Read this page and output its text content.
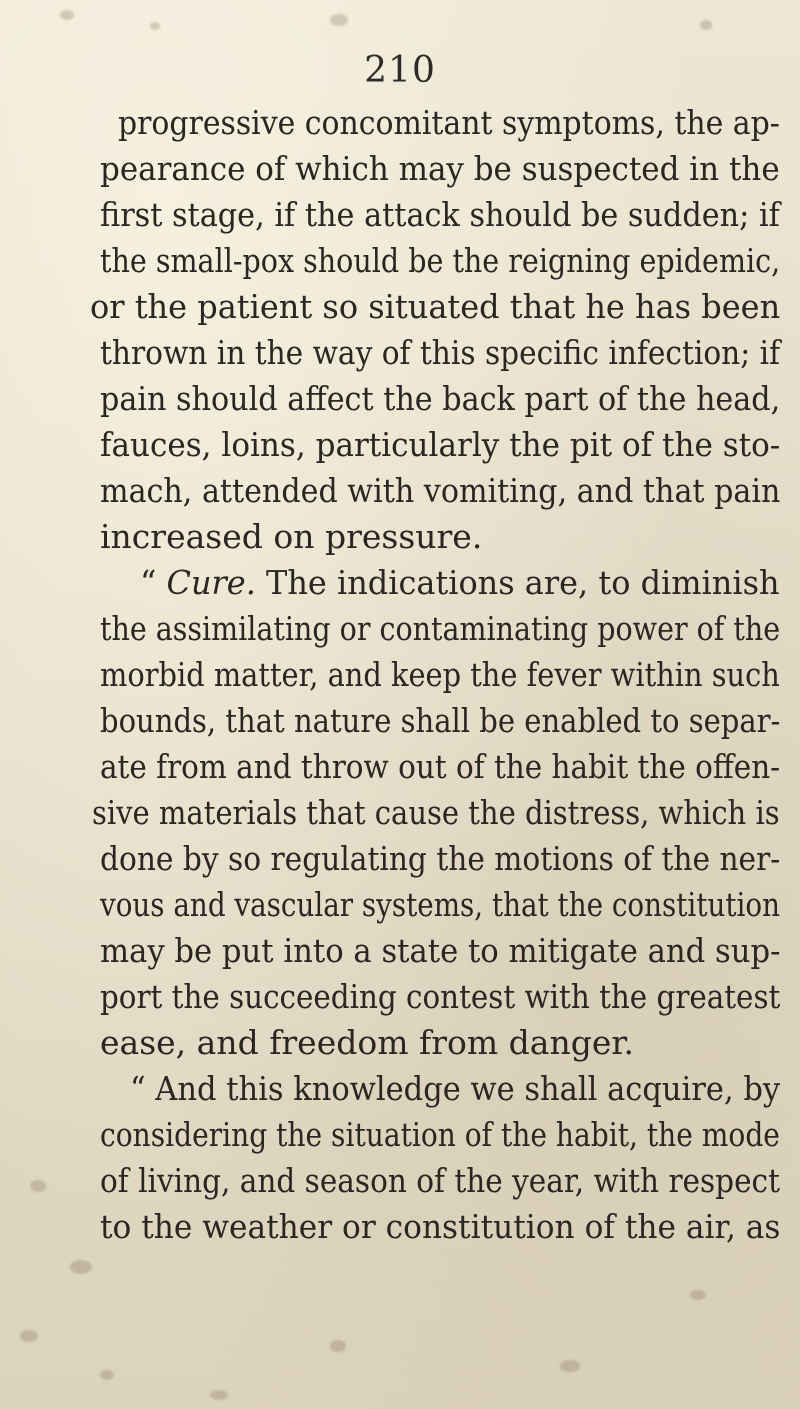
210
progressive concomitant symptoms, the ap-
pearance of which may be suspected in the
first stage, if the attack should be sudden; if
the small-pox should be the reigning epidemic,
or the patient so situated that he has been
thrown in the way of this specific infection; if
pain should affect the back part of the head,
fauces, loins, particularly the pit of the sto-
mach, attended with vomiting, and that pain
increased on pressure.
“ Cure. The indications are, to diminish
the assimilating or contaminating power of the
morbid matter, and keep the fever within such
bounds, that nature shall be enabled to separ-
ate from and throw out of the habit the offen-
sive materials that cause the distress, which is
done by so regulating the motions of the ner-
vous and vascular systems, that the constitution
may be put into a state to mitigate and sup-
port the succeeding contest with the greatest
ease, and freedom from danger.
“ And this knowledge we shall acquire, by
considering the situation of the habit, the mode
of living, and season of the year, with respect
to the weather or constitution of the air, as
